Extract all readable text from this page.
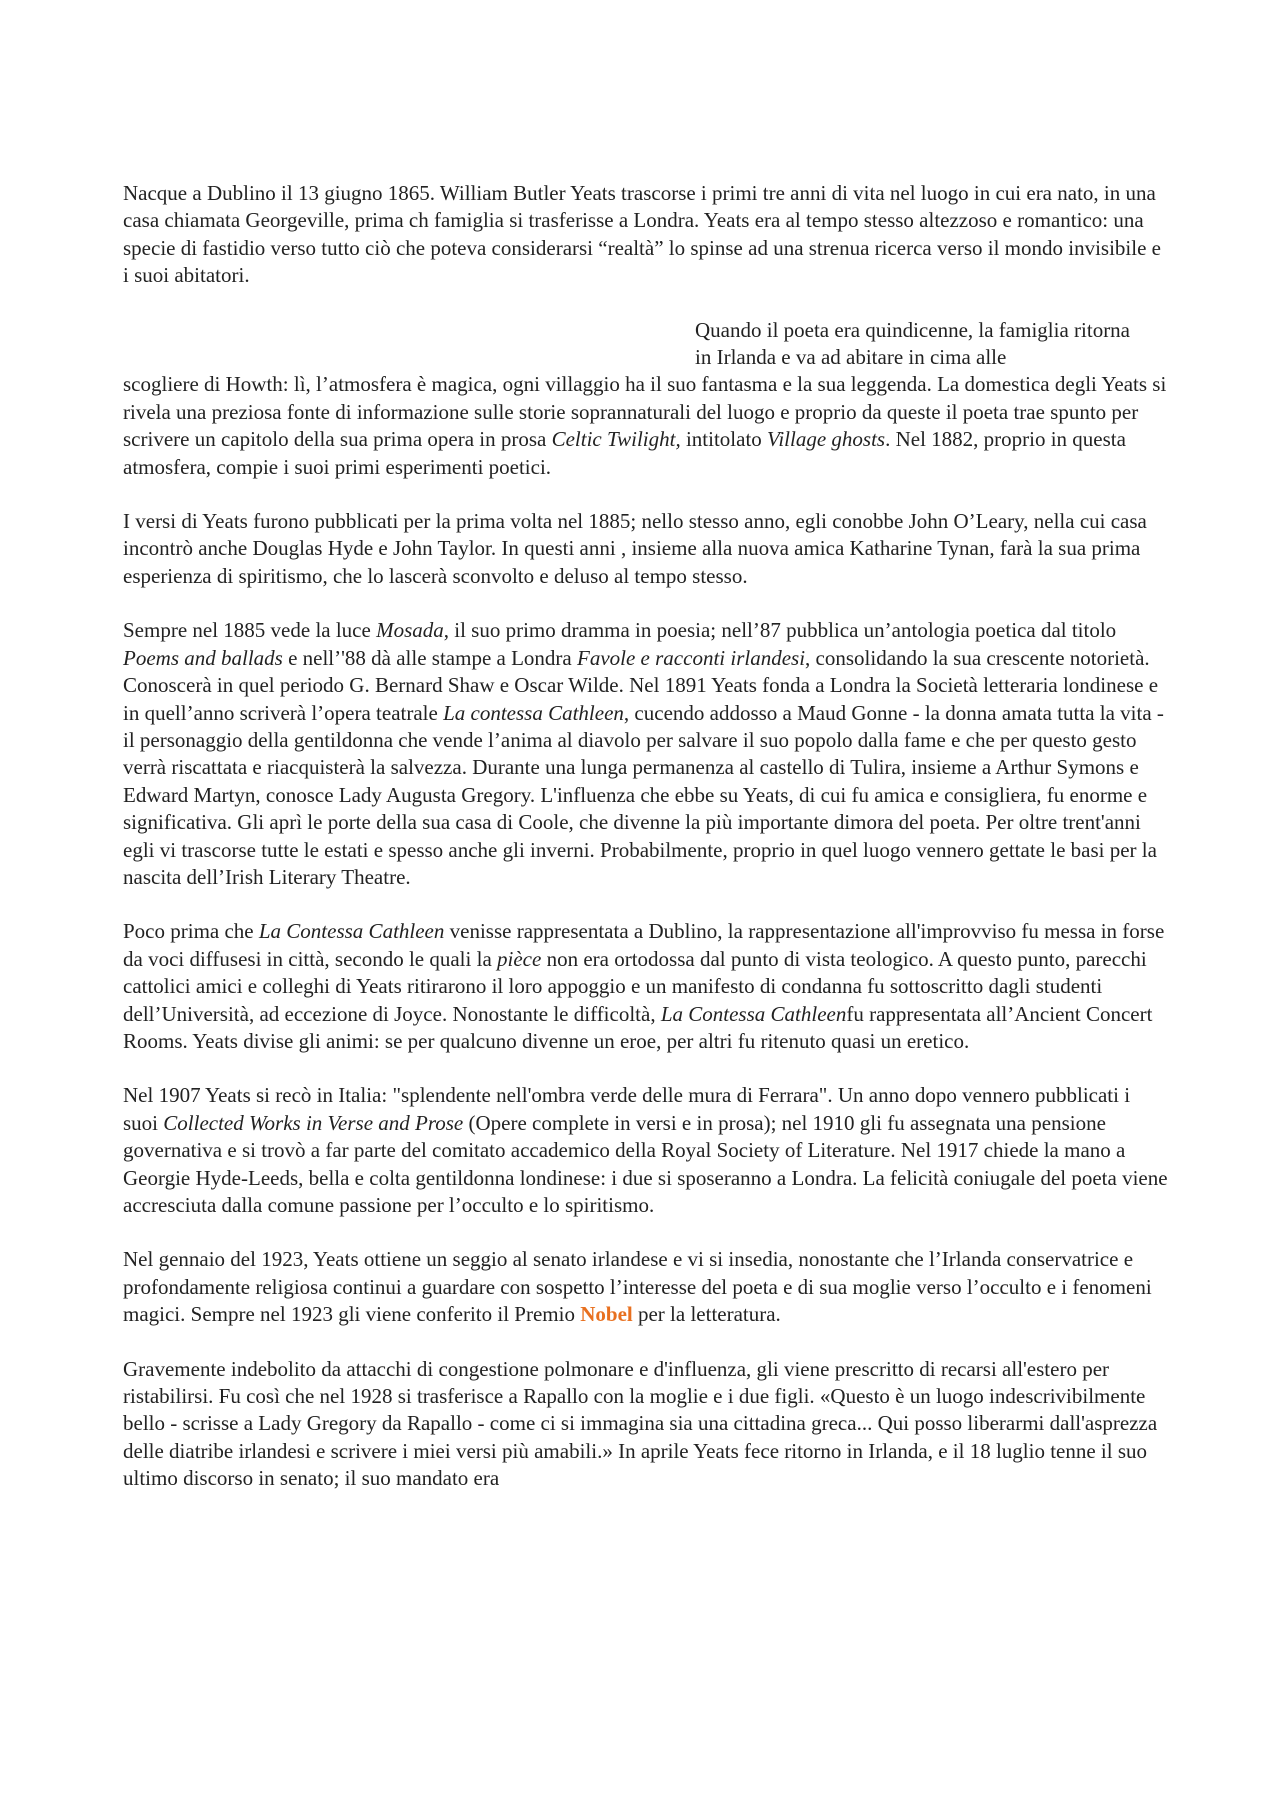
Nacque a Dublino il 13 giugno 1865. William Butler Yeats trascorse i primi tre anni di vita nel luogo in cui era nato, in una casa chiamata Georgeville, prima ch famiglia si trasferisse a Londra. Yeats era al tempo stesso altezzoso e romantico: una specie di fastidio verso tutto ciò che poteva considerarsi “realtà” lo spinse ad una strenua ricerca verso il mondo invisibile e i suoi abitatori.

Quando il poeta era quindicenne, la famiglia ritorna in Irlanda e va ad abitare in cima alle

scogliere di Howth: lì, l’atmosfera è magica, ogni villaggio ha il suo fantasma e la sua leggenda. La domestica degli Yeats si rivela una preziosa fonte di informazione sulle storie soprannaturali del luogo e proprio da queste il poeta trae spunto per scrivere un capitolo della sua prima opera in prosa Celtic Twilight, intitolato Village ghosts. Nel 1882, proprio in questa atmosfera, compie i suoi primi esperimenti poetici.

I versi di Yeats furono pubblicati per la prima volta nel 1885; nello stesso anno, egli conobbe John O’Leary, nella cui casa incontrò anche Douglas Hyde e John Taylor. In questi anni , insieme alla nuova amica Katharine Tynan, farà la sua prima esperienza di spiritismo, che lo lascerà sconvolto e deluso al tempo stesso.

Sempre nel 1885 vede la luce Mosada, il suo primo dramma in poesia; nell’87 pubblica un’antologia poetica dal titolo Poems and ballads e nell’'88 dà alle stampe a Londra Favole e racconti irlandesi, consolidando la sua crescente notorietà. Conoscerà in quel periodo G. Bernard Shaw e Oscar Wilde. Nel 1891 Yeats fonda a Londra la Società letteraria londinese e in quell’anno scriverà l’opera teatrale La contessa Cathleen, cucendo addosso a Maud Gonne - la donna amata tutta la vita - il personaggio della gentildonna che vende l’anima al diavolo per salvare il suo popolo dalla fame e che per questo gesto verrà riscattata e riacquisterà la salvezza. Durante una lunga permanenza al castello di Tulira, insieme a Arthur Symons e Edward Martyn, conosce Lady Augusta Gregory. L'influenza che ebbe su Yeats, di cui fu amica e consigliera, fu enorme e significativa. Gli aprì le porte della sua casa di Coole, che divenne la più importante dimora del poeta. Per oltre trent'anni egli vi trascorse tutte le estati e spesso anche gli inverni. Probabilmente, proprio in quel luogo vennero gettate le basi per la nascita dell’Irish Literary Theatre.

Poco prima che La Contessa Cathleen venisse rappresentata a Dublino, la rappresentazione all'improvviso fu messa in forse da voci diffusesi in città, secondo le quali la pièce non era ortodossa dal punto di vista teologico. A questo punto, parecchi cattolici amici e colleghi di Yeats ritirarono il loro appoggio e un manifesto di condanna fu sottoscritto dagli studenti dell’Università, ad eccezione di Joyce. Nonostante le difficoltà, La Contessa Cathleenfu rappresentata all’Ancient Concert Rooms. Yeats divise gli animi: se per qualcuno divenne un eroe, per altri fu ritenuto quasi un eretico.

Nel 1907 Yeats si recò in Italia: "splendente nell'ombra verde delle mura di Ferrara". Un anno dopo vennero pubblicati i suoi Collected Works in Verse and Prose (Opere complete in versi e in prosa); nel 1910 gli fu assegnata una pensione governativa e si trovò a far parte del comitato accademico della Royal Society of Literature. Nel 1917 chiede la mano a Georgie Hyde-Leeds, bella e colta gentildonna londinese: i due si sposeranno a Londra. La felicità coniugale del poeta viene accresciuta dalla comune passione per l’occulto e lo spiritismo.

Nel gennaio del 1923, Yeats ottiene un seggio al senato irlandese e vi si insedia, nonostante che l’Irlanda conservatrice e profondamente religiosa continui a guardare con sospetto l’interesse del poeta e di sua moglie verso l’occulto e i fenomeni magici. Sempre nel 1923 gli viene conferito il Premio Nobel per la letteratura.

Gravemente indebolito da attacchi di congestione polmonare e d'influenza, gli viene prescritto di recarsi all'estero per ristabilirsi. Fu così che nel 1928 si trasferisce a Rapallo con la moglie e i due figli. «Questo è un luogo indescrivibilmente bello - scrisse a Lady Gregory da Rapallo - come ci si immagina sia una cittadina greca... Qui posso liberarmi dall'asprezza delle diatribe irlandesi e scrivere i miei versi più amabili.» In aprile Yeats fece ritorno in Irlanda, e il 18 luglio tenne il suo ultimo discorso in senato; il suo mandato era
